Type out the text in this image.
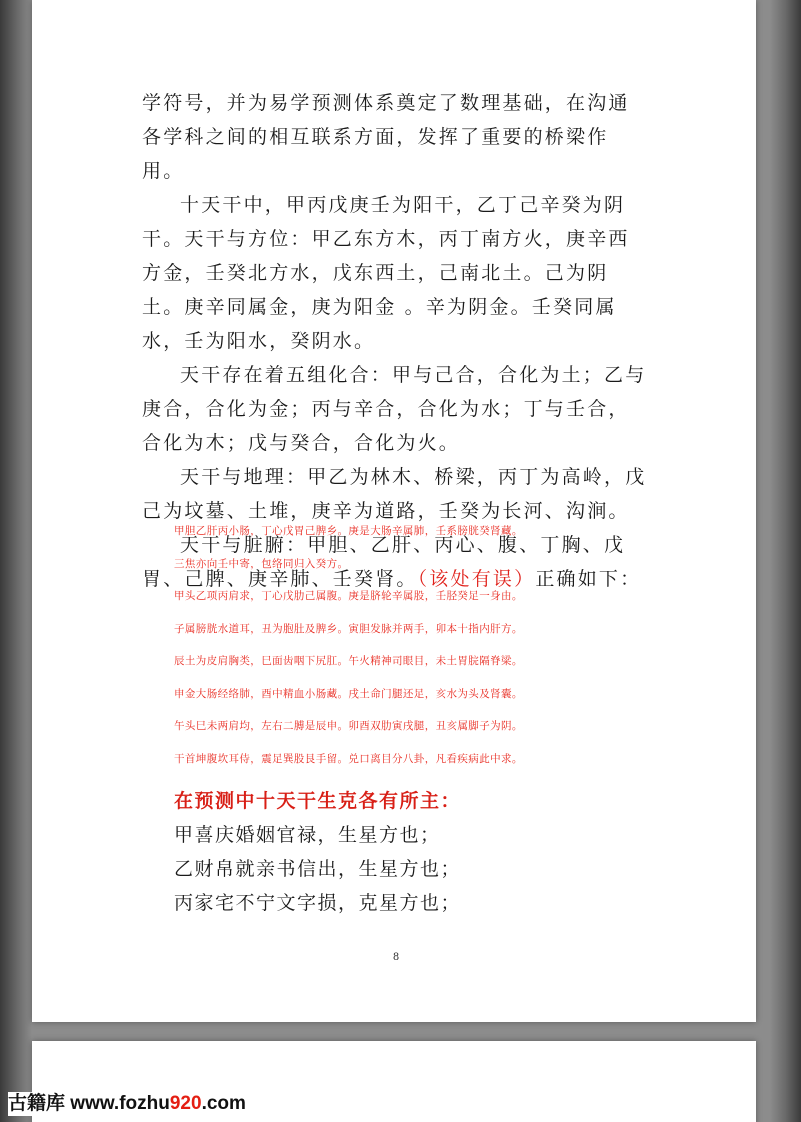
学符号，并为易学预测体系奠定了数理基础，在沟通各学科之间的相互联系方面，发挥了重要的桥梁作用。

十天干中，甲丙戊庚壬为阳干，乙丁己辛癸为阴干。天干与方位：甲乙东方木，丙丁南方火，庚辛西方金，壬癸北方水，戊东西土，己南北土。己为阴土。庚辛同属金，庚为阳金 。辛为阴金。壬癸同属水，壬为阳水，癸阴水。

天干存在着五组化合：甲与己合，合化为土；乙与庚合，合化为金；丙与辛合，合化为水；丁与壬合，合化为木；戊与癸合，合化为火。

天干与地理：甲乙为林木、桥梁，丙丁为高岭，戊己为坟墓、土堆，庚辛为道路，壬癸为长河、沟涧。

天干与脏腑：甲胆、乙肝、丙心、腹、丁胸、戊胃、己脾、庚辛肺、壬癸肾。（该处有误）正确如下：

甲胆乙肝丙小肠，丁心戊胃己脾乡。庚是大肠辛属肺，壬系膀胱癸肾藏。
三焦亦向壬中寄，包络同归入癸方。
甲头乙项丙肩求，丁心戊肋己属腹。庚是脐轮辛属股，壬胫癸足一身由。
子属膀胱水道耳，丑为胞肚及脾乡。寅胆发脉并两手，卯本十指内肝方。
辰土为皮肩胸类，巳面齿咽下尻肛。午火精神司眼目，未土胃脘隔脊梁。
申金大肠经络肺，酉中精血小肠藏。戌土命门腿还足，亥水为头及肾囊。
午头巳未两肩均，左右二膊是辰申。卯酉双肋寅戌腿，丑亥属脚子为阴。
干首坤腹坎耳侍，震足巽股艮手留。兑口离目分八卦，凡看疾病此中求。
在预测中十天干生克各有所主：
甲喜庆婚姻官禄，生星方也；
乙财帛就亲书信出，生星方也；
丙家宅不宁文字损，克星方也；
8
古籍库 www.fozhu920.com
